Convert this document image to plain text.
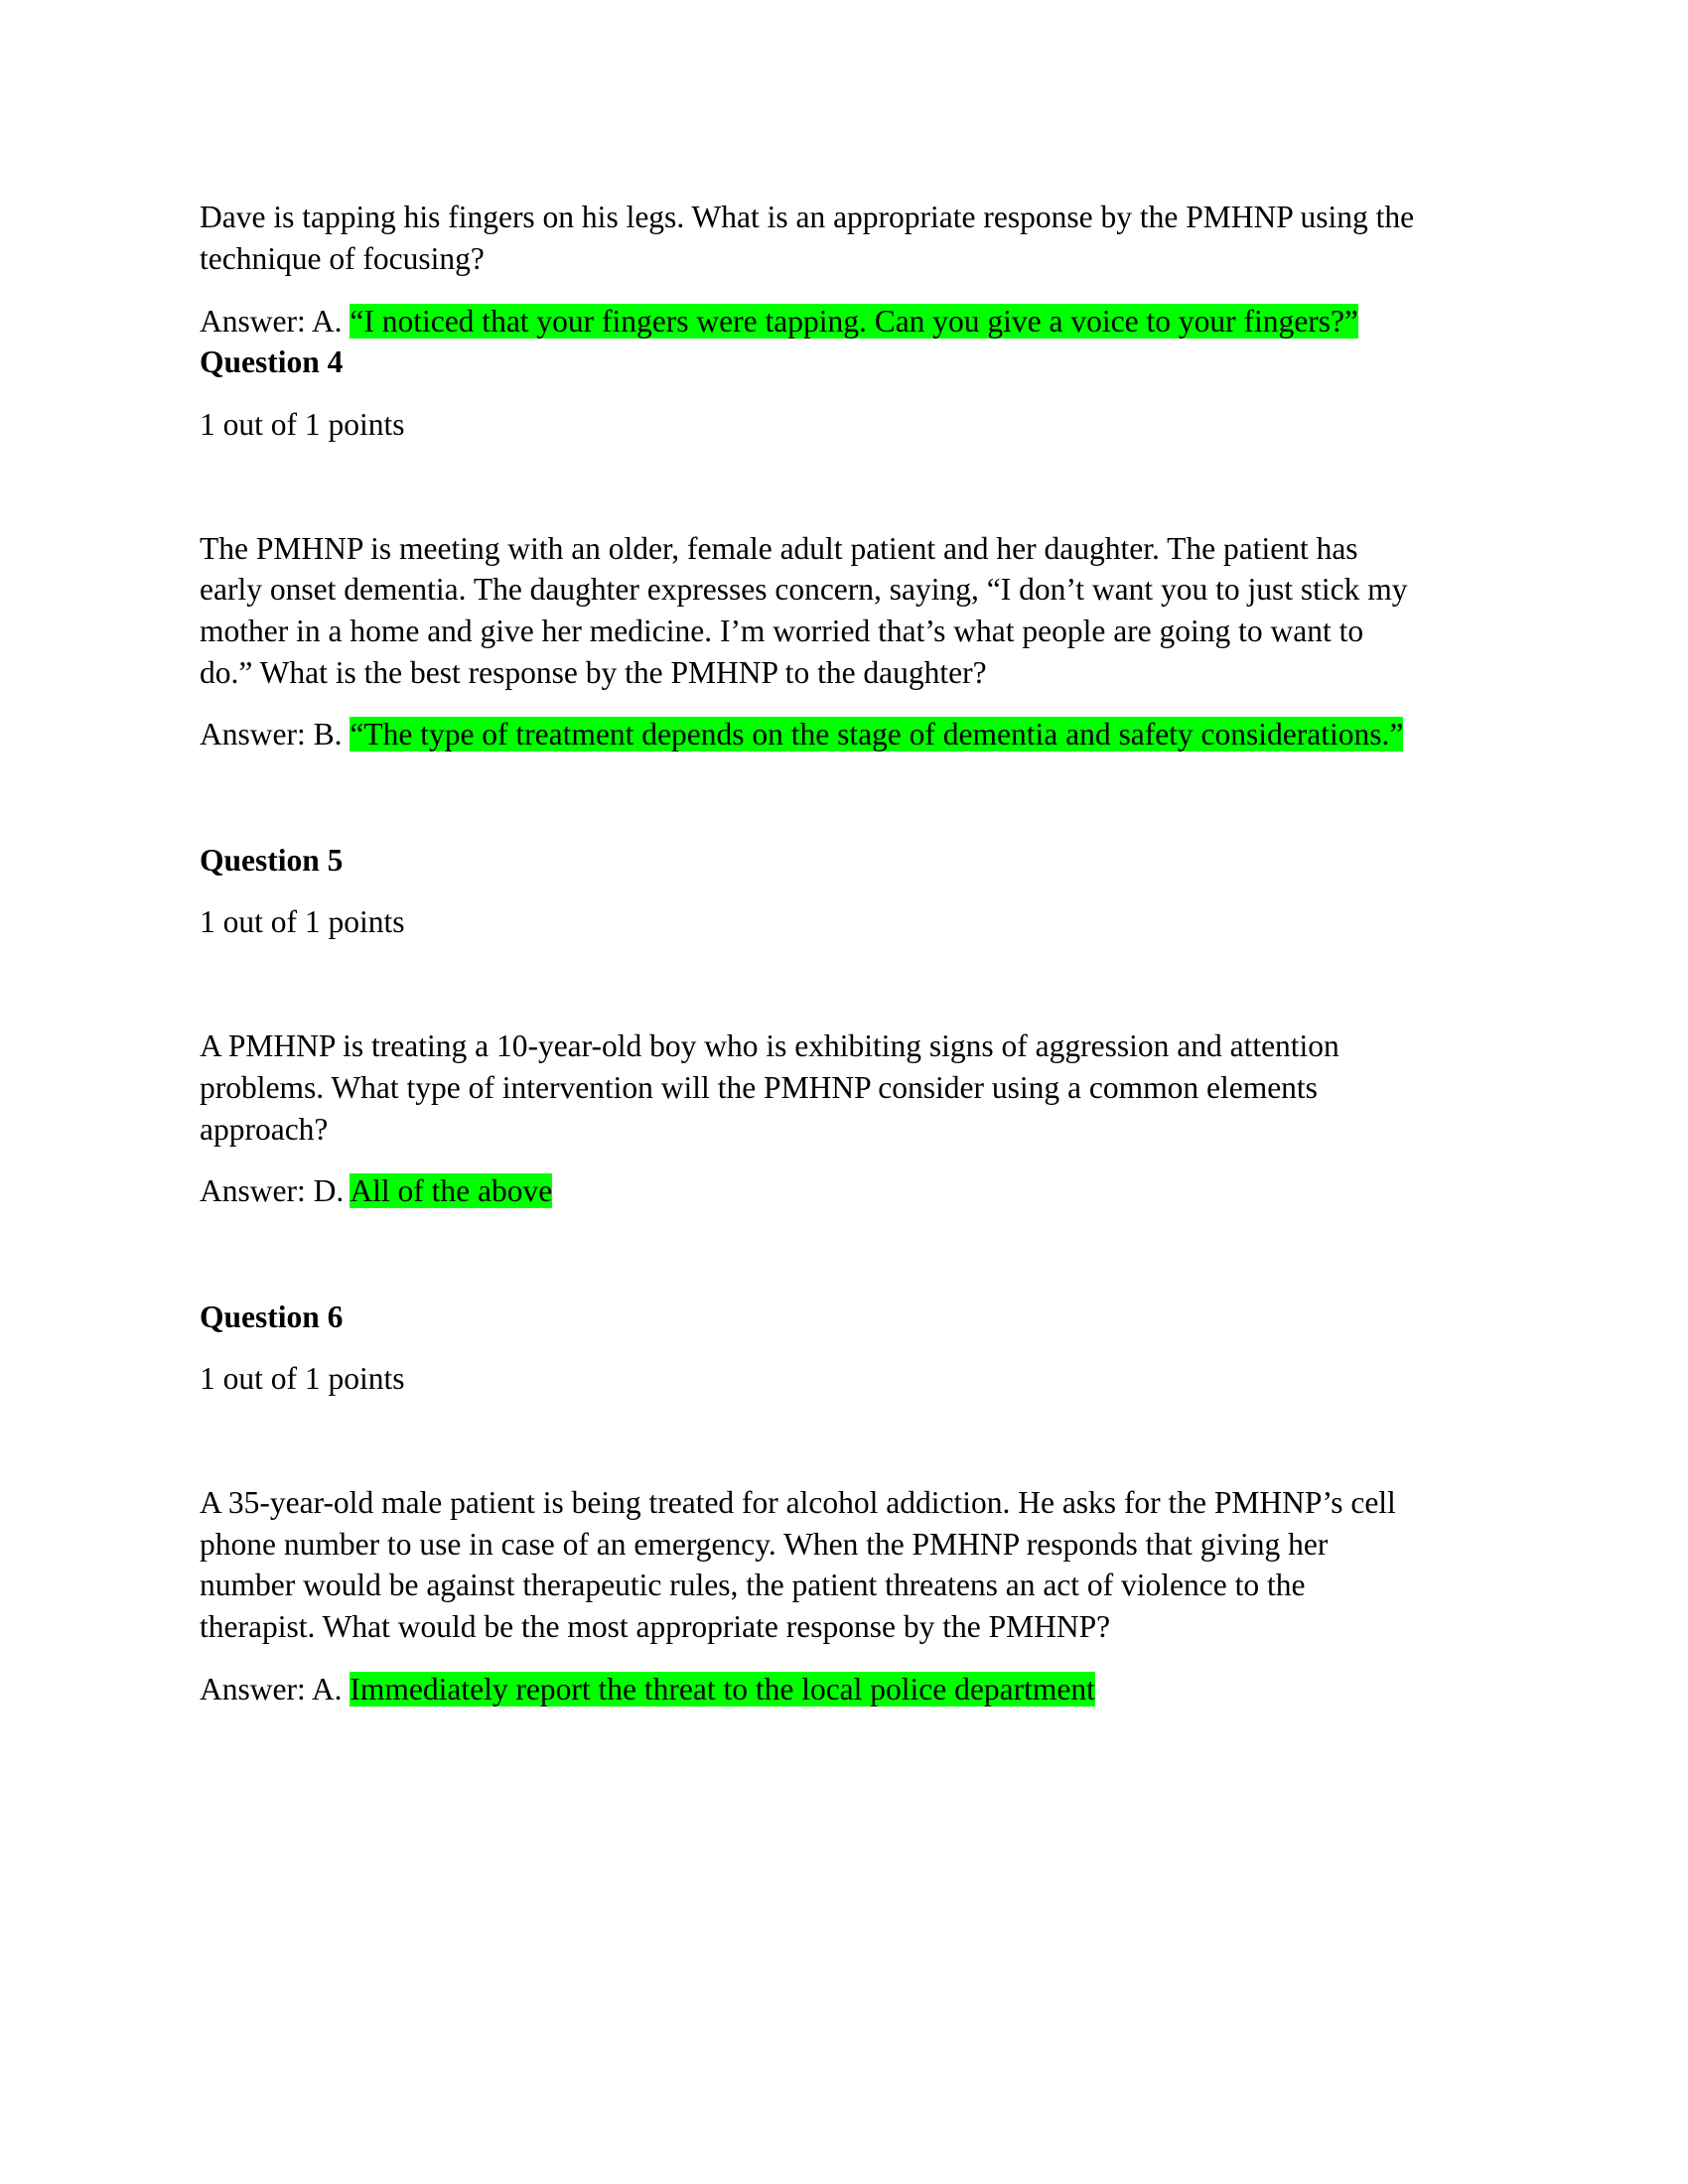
Dave is tapping his fingers on his legs. What is an appropriate response by the PMHNP using the
technique of focusing?
Answer: A. “I noticed that your fingers were tapping. Can you give a voice to your fingers?”
Question 4
1 out of 1 points
The PMHNP is meeting with an older, female adult patient and her daughter. The patient has
early onset dementia. The daughter expresses concern, saying, “I don’t want you to just stick my
mother in a home and give her medicine. I’m worried that’s what people are going to want to
do.” What is the best response by the PMHNP to the daughter?
Answer: B. “The type of treatment depends on the stage of dementia and safety considerations.”
Question 5
1 out of 1 points
A PMHNP is treating a 10-year-old boy who is exhibiting signs of aggression and attention
problems. What type of intervention will the PMHNP consider using a common elements
approach?
Answer: D. All of the above
Question 6
1 out of 1 points
A 35-year-old male patient is being treated for alcohol addiction. He asks for the PMHNP’s cell
phone number to use in case of an emergency. When the PMHNP responds that giving her
number would be against therapeutic rules, the patient threatens an act of violence to the
therapist. What would be the most appropriate response by the PMHNP?
Answer: A. Immediately report the threat to the local police department
